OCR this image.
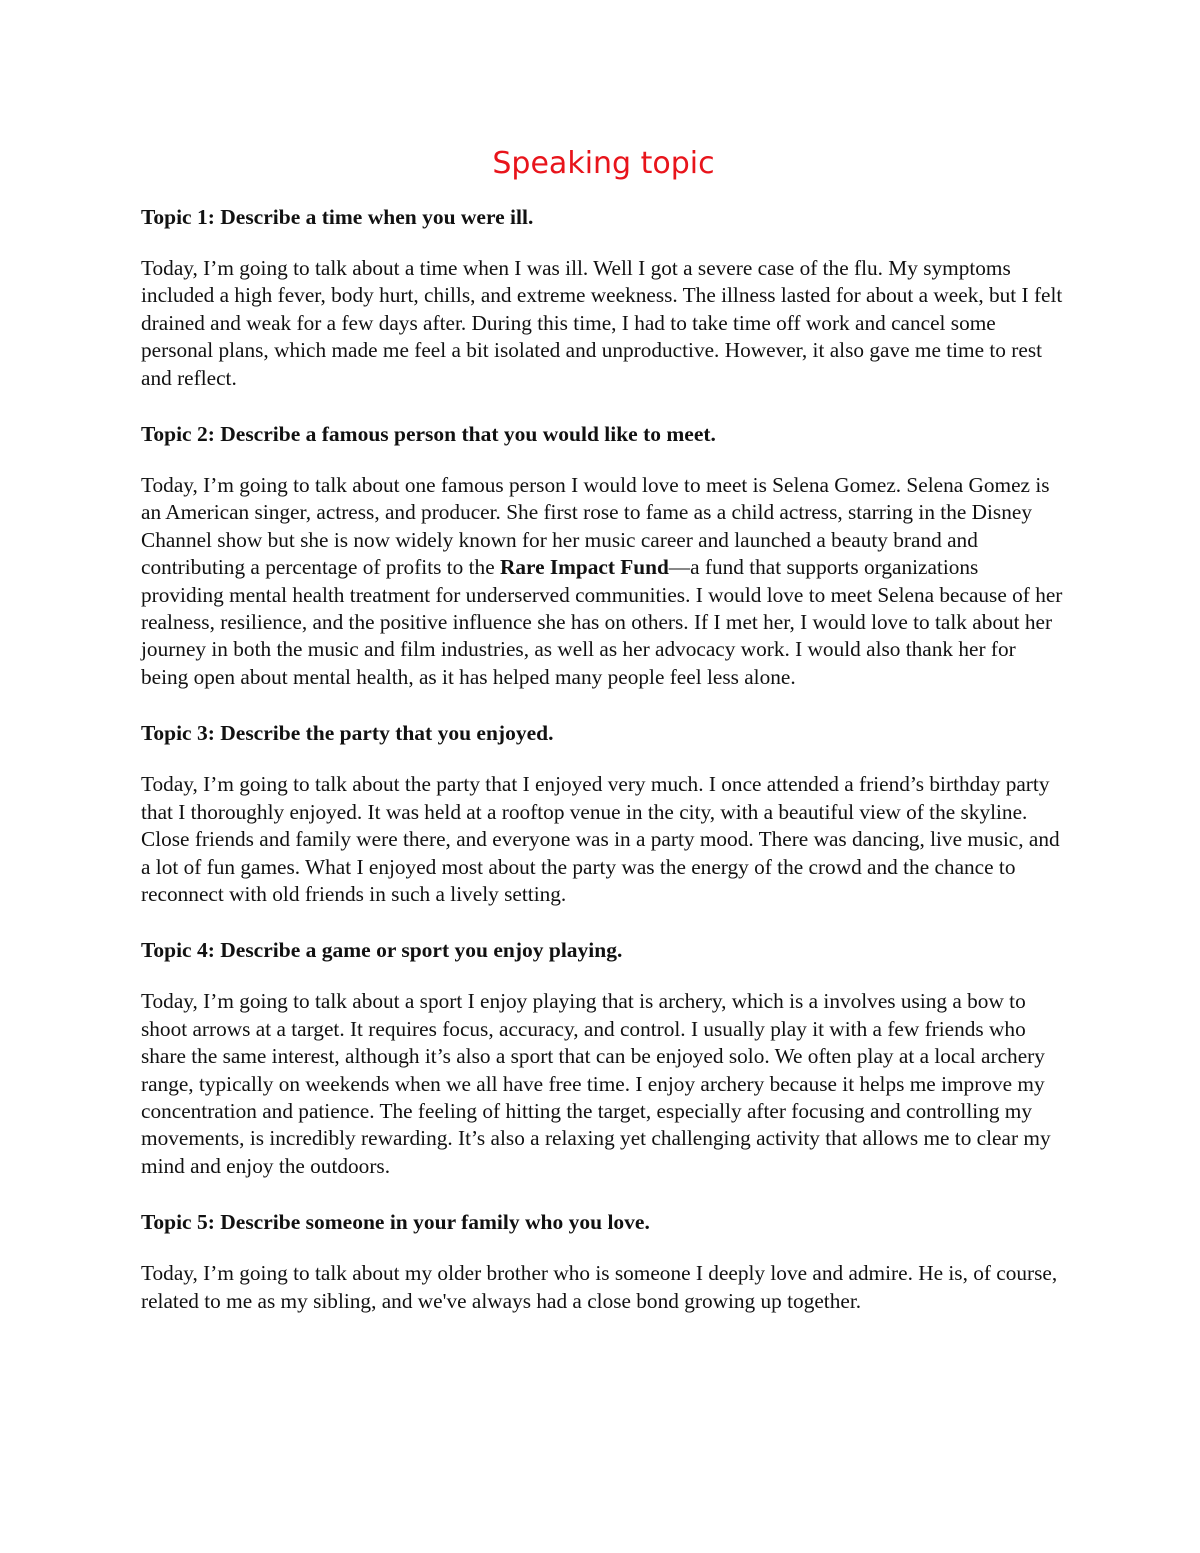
Speaking topic
Topic 1: Describe a time when you were ill.

Today, I’m going to talk about a time when I was ill. Well I got a severe case of the flu. My symptoms included a high fever, body hurt, chills, and extreme weekness. The illness lasted for about a week, but I felt drained and weak for a few days after. During this time, I had to take time off work and cancel some personal plans, which made me feel a bit isolated and unproductive. However, it also gave me time to rest and reflect.

Topic 2: Describe a famous person that you would like to meet.

Today, I’m going to talk about one famous person I would love to meet is Selena Gomez. Selena Gomez is an American singer, actress, and producer. She first rose to fame as a child actress, starring in the Disney Channel show but she is now widely known for her music career and launched a beauty brand and contributing a percentage of profits to the Rare Impact Fund—a fund that supports organizations providing mental health treatment for underserved communities. I would love to meet Selena because of her realness, resilience, and the positive influence she has on others. If I met her, I would love to talk about her journey in both the music and film industries, as well as her advocacy work. I would also thank her for being open about mental health, as it has helped many people feel less alone.

Topic 3: Describe the party that you enjoyed.

Today, I’m going to talk about the party that I enjoyed very much. I once attended a friend’s birthday party that I thoroughly enjoyed. It was held at a rooftop venue in the city, with a beautiful view of the skyline. Close friends and family were there, and everyone was in a party mood. There was dancing, live music, and a lot of fun games. What I enjoyed most about the party was the energy of the crowd and the chance to reconnect with old friends in such a lively setting.

Topic 4: Describe a game or sport you enjoy playing.

Today, I’m going to talk about a sport I enjoy playing that is archery, which is a involves using a bow to shoot arrows at a target. It requires focus, accuracy, and control. I usually play it with a few friends who share the same interest, although it’s also a sport that can be enjoyed solo. We often play at a local archery range, typically on weekends when we all have free time. I enjoy archery because it helps me improve my concentration and patience. The feeling of hitting the target, especially after focusing and controlling my movements, is incredibly rewarding. It’s also a relaxing yet challenging activity that allows me to clear my mind and enjoy the outdoors.

Topic 5: Describe someone in your family who you love.

Today, I’m going to talk about my older brother who is someone I deeply love and admire. He is, of course, related to me as my sibling, and we've always had a close bond growing up together.
